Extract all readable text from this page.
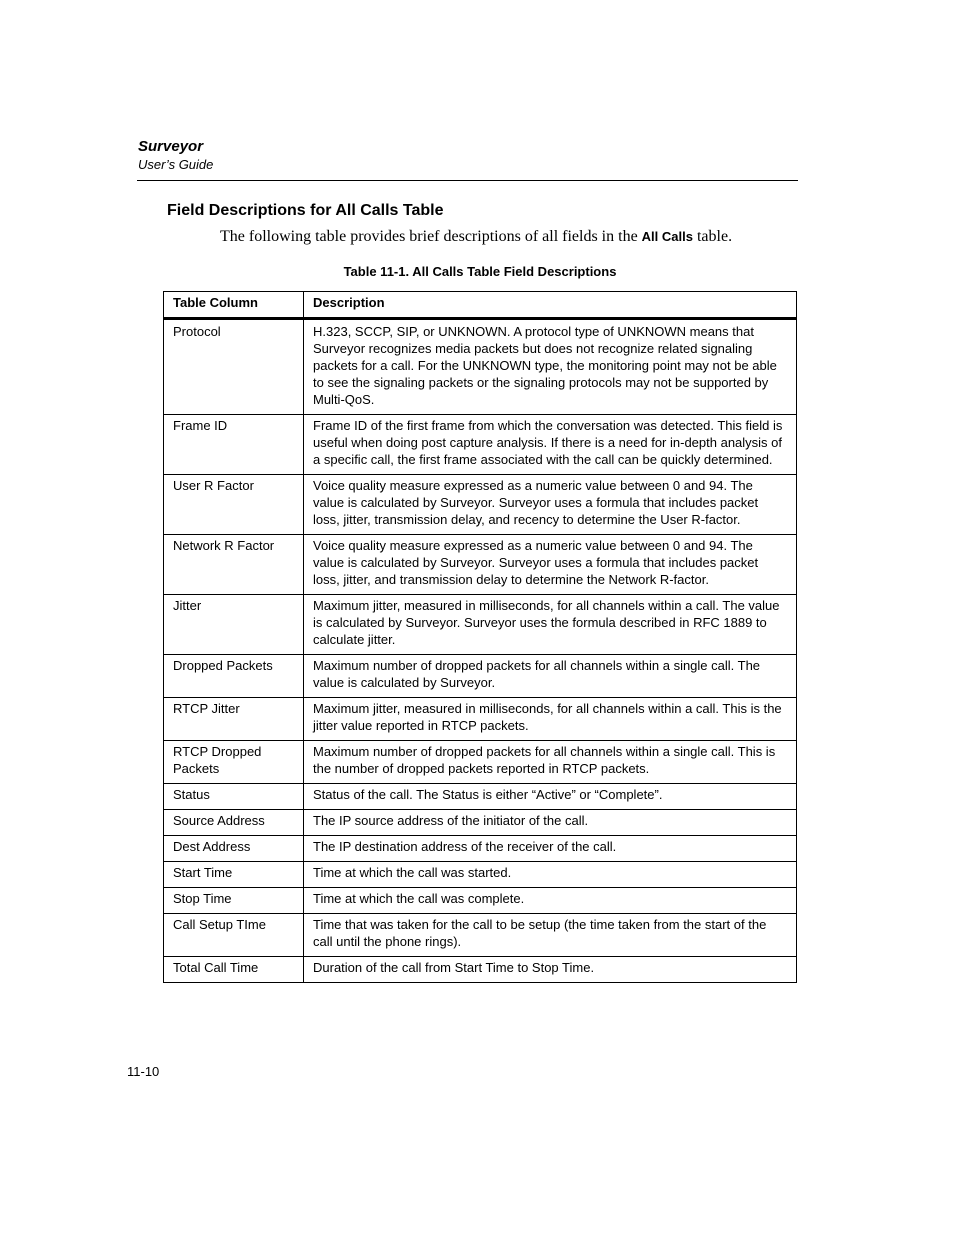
Surveyor
User’s Guide
Field Descriptions for All Calls Table
The following table provides brief descriptions of all fields in the All Calls table.
Table 11-1. All Calls Table Field Descriptions
Table Column	Description
Protocol	H.323, SCCP, SIP, or UNKNOWN. A protocol type of UNKNOWN means that Surveyor recognizes media packets but does not recognize related signaling packets for a call. For the UNKNOWN type, the monitoring point may not be able to see the signaling packets or the signaling protocols may not be supported by Multi-QoS.
Frame ID	Frame ID of the first frame from which the conversation was detected. This field is useful when doing post capture analysis. If there is a need for in-depth analysis of a specific call, the first frame associated with the call can be quickly determined.
User R Factor	Voice quality measure expressed as a numeric value between 0 and 94. The value is calculated by Surveyor. Surveyor uses a formula that includes packet loss, jitter, transmission delay, and recency to determine the User R-factor.
Network R Factor	Voice quality measure expressed as a numeric value between 0 and 94. The value is calculated by Surveyor. Surveyor uses a formula that includes packet loss, jitter, and transmission delay to determine the Network R-factor.
Jitter	Maximum jitter, measured in milliseconds, for all channels within a call. The value is calculated by Surveyor. Surveyor uses the formula described in RFC 1889 to calculate jitter.
Dropped Packets	Maximum number of dropped packets for all channels within a single call. The value is calculated by Surveyor.
RTCP Jitter	Maximum jitter, measured in milliseconds, for all channels within a call. This is the jitter value reported in RTCP packets.
RTCP Dropped Packets	Maximum number of dropped packets for all channels within a single call. This is the number of dropped packets reported in RTCP packets.
Status	Status of the call. The Status is either “Active” or “Complete”.
Source Address	The IP source address of the initiator of the call.
Dest Address	The IP destination address of the receiver of the call.
Start Time	Time at which the call was started.
Stop Time	Time at which the call was complete.
Call Setup TIme	Time that was taken for the call to be setup (the time taken from the start of the call until the phone rings).
Total Call Time	Duration of the call from Start Time to Stop Time.
11-10
